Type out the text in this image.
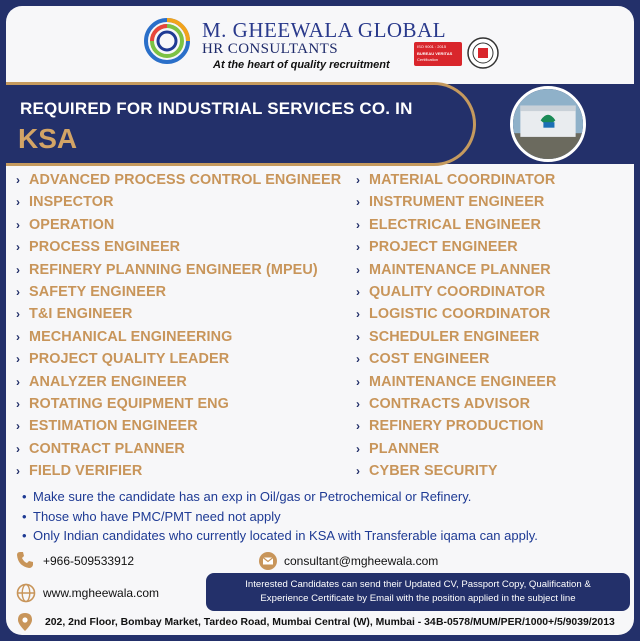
M. GHEEWALA GLOBAL
HR CONSULTANTS
At the heart of quality recruitment
ISO 9001 : 2015
BUREAU VERITAS
Certification
REQUIRED FOR INDUSTRIAL SERVICES CO. IN
KSA
› ADVANCED PROCESS CONTROL ENGINEER
› INSPECTOR
› OPERATION
› PROCESS ENGINEER
› REFINERY PLANNING ENGINEER (MPEU)
› SAFETY ENGINEER
› T&I ENGINEER
› MECHANICAL ENGINEERING
› PROJECT QUALITY LEADER
› ANALYZER ENGINEER
› ROTATING EQUIPMENT ENG
› ESTIMATION ENGINEER
› CONTRACT PLANNER
› FIELD VERIFIER
› MATERIAL COORDINATOR
› INSTRUMENT ENGINEER
› ELECTRICAL ENGINEER
› PROJECT ENGINEER
› MAINTENANCE PLANNER
› QUALITY COORDINATOR
› LOGISTIC COORDINATOR
› SCHEDULER ENGINEER
› COST ENGINEER
› MAINTENANCE ENGINEER
› CONTRACTS ADVISOR
› REFINERY PRODUCTION
› PLANNER
› CYBER SECURITY
• Make sure the candidate has an exp in Oil/gas or Petrochemical or Refinery.
• Those who have PMC/PMT need not apply
• Only Indian candidates who currently located in KSA with Transferable iqama can apply.
+966-509533912	consultant@mgheewala.com
www.mgheewala.com
Interested Candidates can send their Updated CV, Passport Copy, Qualification &
Experience Certificate by Email with the position applied in the subject line
202, 2nd Floor, Bombay Market, Tardeo Road, Mumbai Central (W), Mumbai - 34 B-0578/MUM/PER/1000+/5/9039/2013
